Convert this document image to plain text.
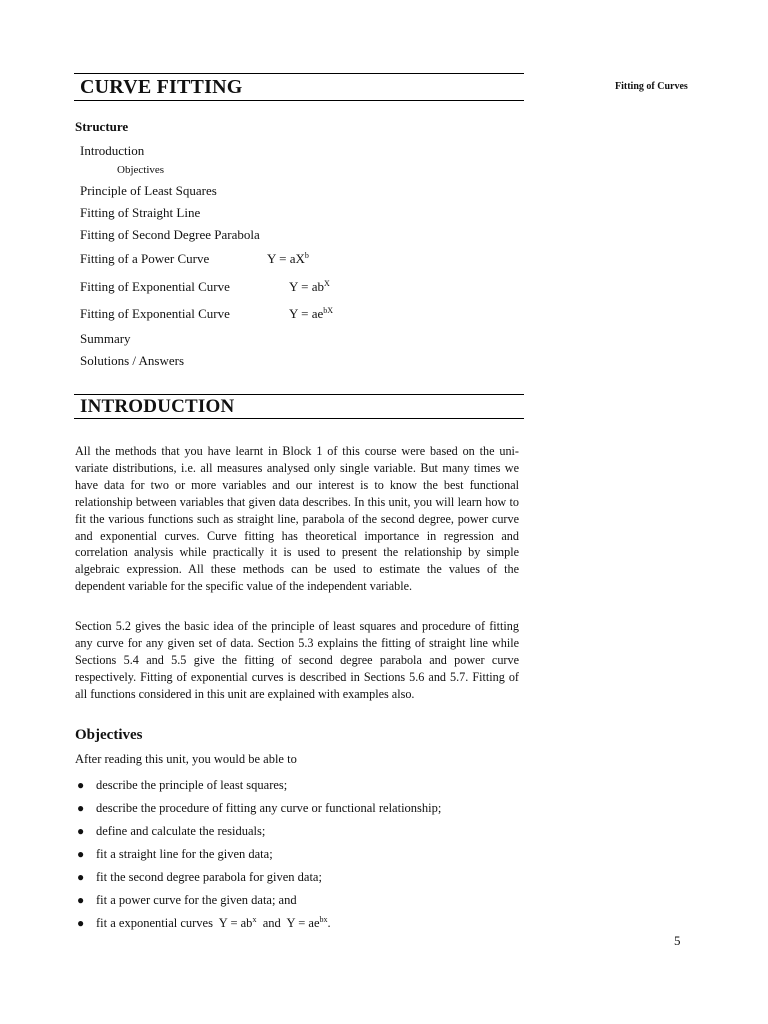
Fitting of Curves
CURVE FITTING
Structure
Introduction
Objectives
Principle of Least Squares
Fitting of Straight Line
Fitting of Second Degree Parabola
Fitting of a Power Curve	$Y = aX^b$
Fitting of Exponential Curve	$Y = ab^X$
Fitting of Exponential Curve	$Y = ae^{bX}$
Summary
Solutions / Answers
INTRODUCTION

All the methods that you have learnt in Block 1 of this course were based on the uni-variate distributions, i.e. all measures analysed only single variable. But many times we have data for two or more variables and our interest is to know the best functional relationship between variables that given data describes. In this unit, you will learn how to fit the various functions such as straight line, parabola of the second degree, power curve and exponential curves. Curve fitting has theoretical importance in regression and correlation analysis while practically it is used to present the relationship by simple algebraic expression. All these methods can be used to estimate the values of the dependent variable for the specific value of the independent variable.

Section 5.2 gives the basic idea of the principle of least squares and procedure of fitting any curve for any given set of data. Section 5.3 explains the fitting of straight line while Sections 5.4 and 5.5 give the fitting of second degree parabola and power curve respectively. Fitting of exponential curves is described in Sections 5.6 and 5.7. Fitting of all functions considered in this unit are explained with examples also.

Objectives
After reading this unit, you would be able to
● describe the principle of least squares;
● describe the procedure of fitting any curve or functional relationship;
● define and calculate the residuals;
● fit a straight line for the given data;
● fit the second degree parabola for given data;
● fit a power curve for the given data; and
● fit a exponential curves $Y = ab^x$ and $Y = ae^{bx}$.
5
